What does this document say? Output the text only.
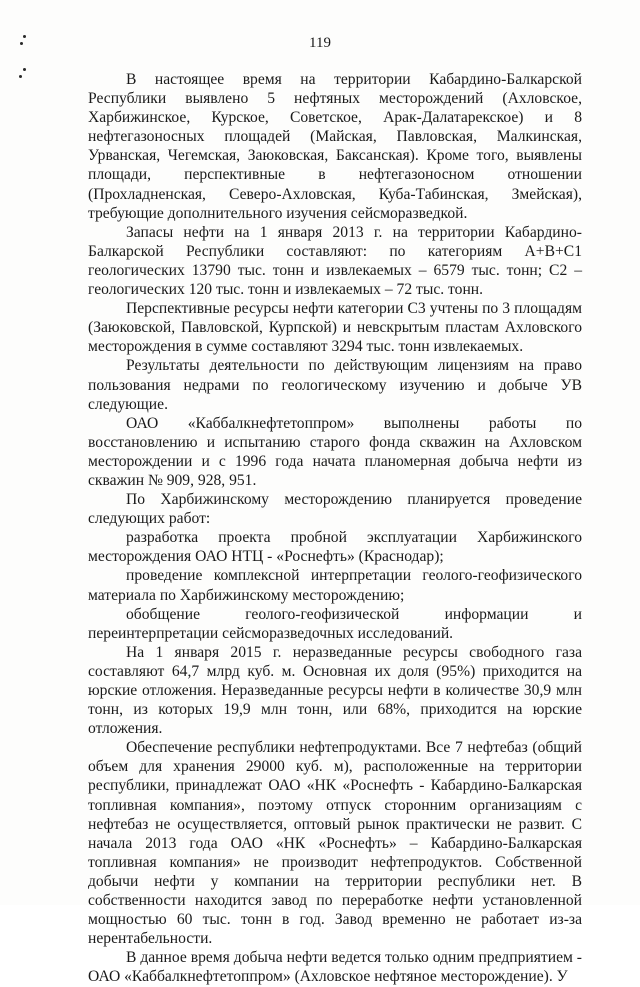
119

В настоящее время на территории Кабардино-Балкарской Республики выявлено 5 нефтяных месторождений (Ахловское, Харбижинское, Курское, Советское, Арак-Далатарекское) и 8 нефтегазоносных площадей (Майская, Павловская, Малкинская, Урванская, Чегемская, Заюковская, Баксанская). Кроме того, выявлены площади, перспективные в нефтегазоносном отношении (Прохладненская, Северо-Ахловская, Куба-Табинская, Змейская), требующие дополнительного изучения сейсморазведкой.

Запасы нефти на 1 января 2013 г. на территории Кабардино-Балкарской Республики составляют: по категориям А+В+С1 геологических 13790 тыс. тонн и извлекаемых – 6579 тыс. тонн; С2 – геологических 120 тыс. тонн и извлекаемых – 72 тыс. тонн.

Перспективные ресурсы нефти категории С3 учтены по 3 площадям (Заюковской, Павловской, Курпской) и невскрытым пластам Ахловского месторождения в сумме составляют 3294 тыс. тонн извлекаемых.

Результаты деятельности по действующим лицензиям на право пользования недрами по геологическому изучению и добыче УВ следующие.

ОАО «Каббалкнефтетоппром» выполнены работы по восстановлению и испытанию старого фонда скважин на Ахловском месторождении и с 1996 года начата планомерная добыча нефти из скважин № 909, 928, 951.

По Харбижинскому месторождению планируется проведение следующих работ:

разработка проекта пробной эксплуатации Харбижинского месторождения ОАО НТЦ - «Роснефть» (Краснодар);

проведение комплексной интерпретации геолого-геофизического материала по Харбижинскому месторождению;

обобщение геолого-геофизической информации и переинтерпретации сейсморазведочных исследований.

На 1 января 2015 г. неразведанные ресурсы свободного газа составляют 64,7 млрд куб. м. Основная их доля (95%) приходится на юрские отложения. Неразведанные ресурсы нефти в количестве 30,9 млн тонн, из которых 19,9 млн тонн, или 68%, приходится на юрские отложения.

Обеспечение республики нефтепродуктами. Все 7 нефтебаз (общий объем для хранения 29000 куб. м), расположенные на территории республики, принадлежат ОАО «НК «Роснефть - Кабардино-Балкарская топливная компания», поэтому отпуск сторонним организациям с нефтебаз не осуществляется, оптовый рынок практически не развит. С начала 2013 года ОАО «НК «Роснефть» – Кабардино-Балкарская топливная компания» не производит нефтепродуктов. Собственной добычи нефти у компании на территории республики нет. В собственности находится завод по переработке нефти установленной мощностью 60 тыс. тонн в год. Завод временно не работает из-за нерентабельности.

В данное время добыча нефти ведется только одним предприятием - ОАО «Каббалкнефтетоппром» (Ахловское нефтяное месторождение). У
